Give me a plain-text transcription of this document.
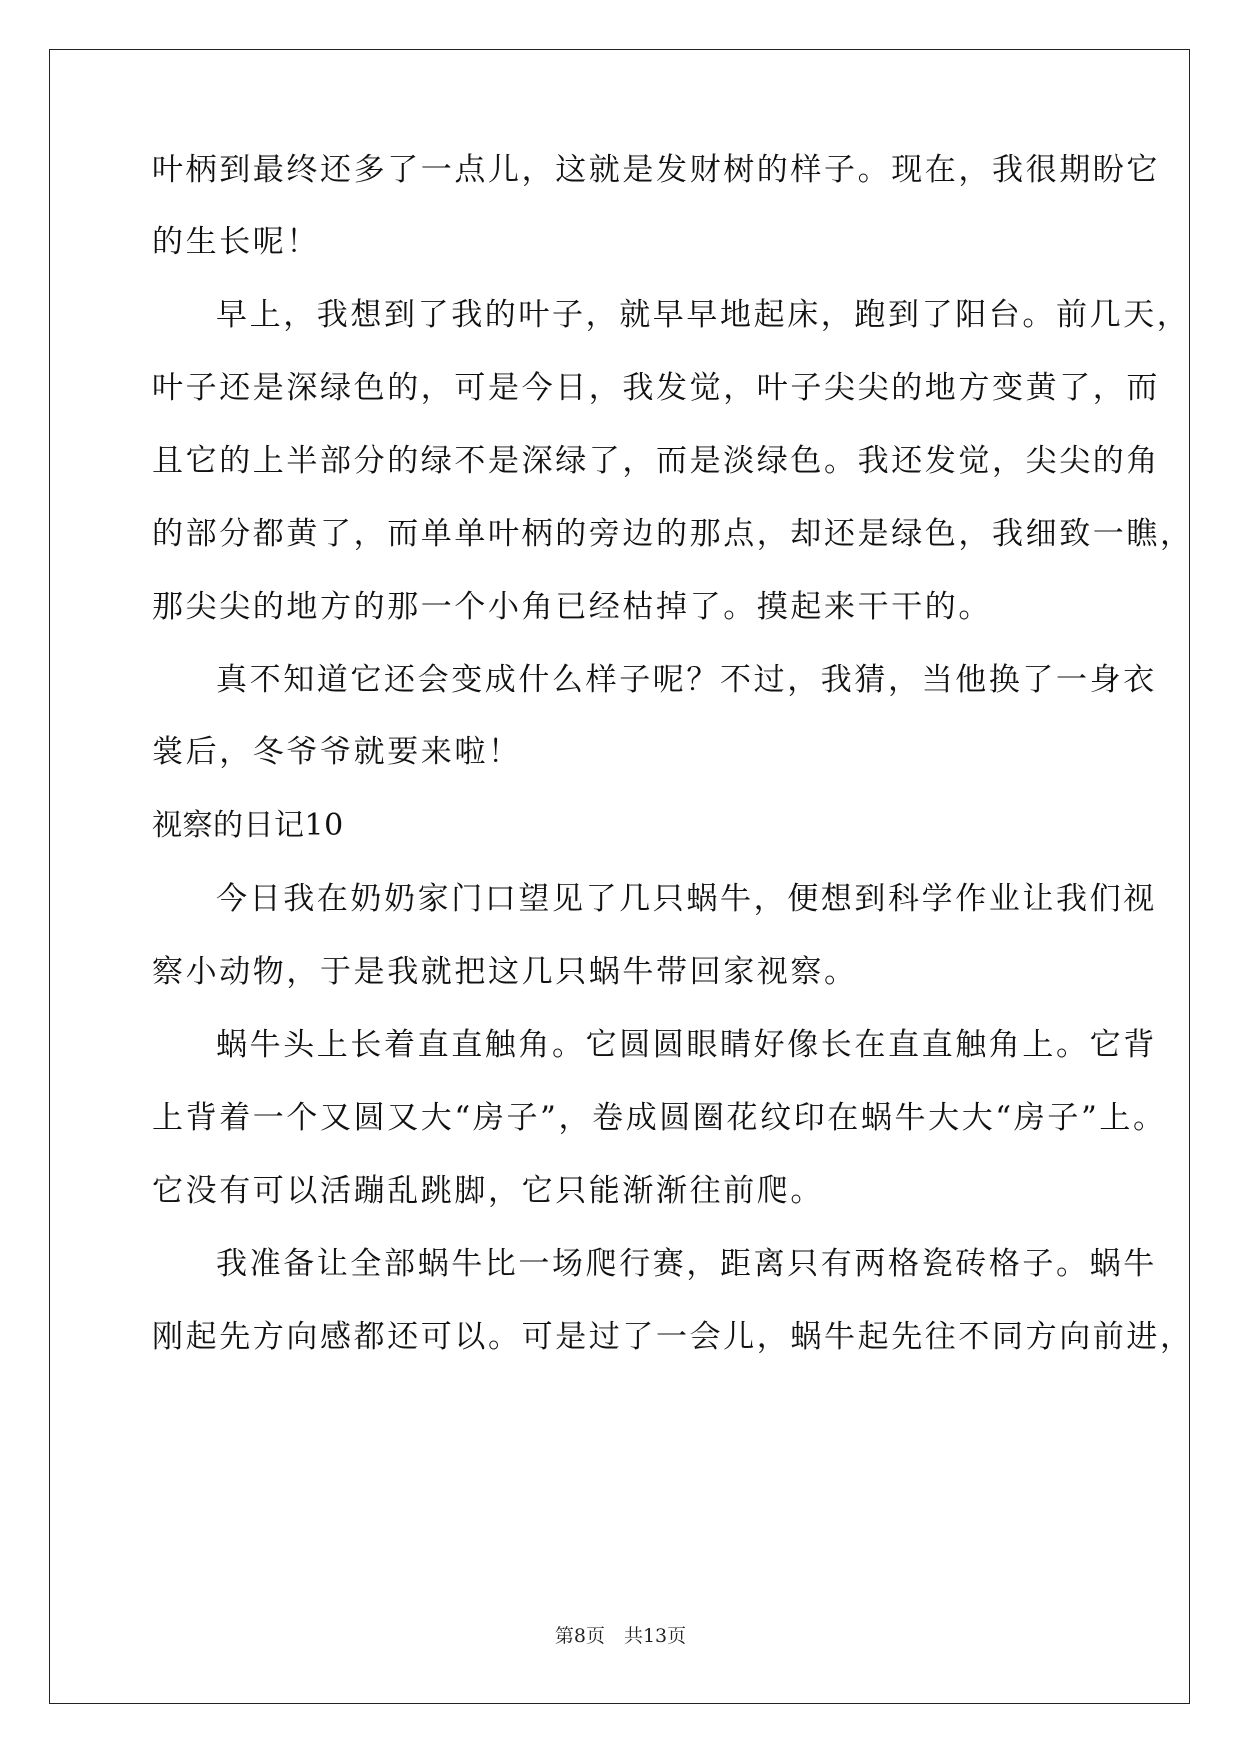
叶柄到最终还多了一点儿，这就是发财树的样子。现在，我很期盼它
的生长呢！
早上，我想到了我的叶子，就早早地起床，跑到了阳台。前几天，
叶子还是深绿色的，可是今日，我发觉，叶子尖尖的地方变黄了，而
且它的上半部分的绿不是深绿了，而是淡绿色。我还发觉，尖尖的角
的部分都黄了，而单单叶柄的旁边的那点，却还是绿色，我细致一瞧，
那尖尖的地方的那一个小角已经枯掉了。摸起来干干的。
真不知道它还会变成什么样子呢？不过，我猜，当他换了一身衣
裳后，冬爷爷就要来啦！
视察的日记10
今日我在奶奶家门口望见了几只蜗牛，便想到科学作业让我们视
察小动物，于是我就把这几只蜗牛带回家视察。
蜗牛头上长着直直触角。它圆圆眼睛好像长在直直触角上。它背
上背着一个又圆又大“房子”，卷成圆圈花纹印在蜗牛大大“房子”上。
它没有可以活蹦乱跳脚，它只能渐渐往前爬。
我准备让全部蜗牛比一场爬行赛，距离只有两格瓷砖格子。蜗牛
刚起先方向感都还可以。可是过了一会儿，蜗牛起先往不同方向前进，
第8页　共13页
